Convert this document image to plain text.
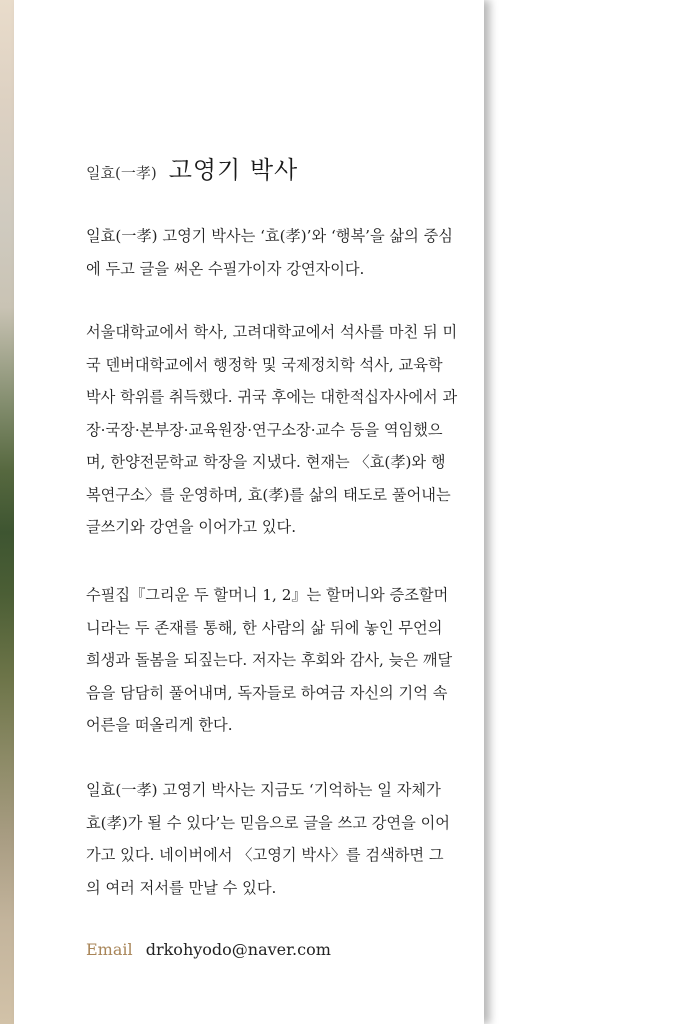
일효(一孝) 고영기 박사

일효(一孝) 고영기 박사는 ‘효(孝)’와 ‘행복’을 삶의 중심에 두고 글을 써온 수필가이자 강연자이다.

서울대학교에서 학사, 고려대학교에서 석사를 마친 뒤 미국 덴버대학교에서 행정학 및 국제정치학 석사, 교육학 박사 학위를 취득했다. 귀국 후에는 대한적십자사에서 과장·국장·본부장·교육원장·연구소장·교수 등을 역임했으며, 한양전문학교 학장을 지냈다. 현재는 〈효(孝)와 행복연구소〉를 운영하며, 효(孝)를 삶의 태도로 풀어내는 글쓰기와 강연을 이어가고 있다.

수필집『그리운 두 할머니 1, 2』는 할머니와 증조할머니라는 두 존재를 통해, 한 사람의 삶 뒤에 놓인 무언의 희생과 돌봄을 되짚는다. 저자는 후회와 감사, 늦은 깨달음을 담담히 풀어내며, 독자들로 하여금 자신의 기억 속 어른을 떠올리게 한다.

일효(一孝) 고영기 박사는 지금도 ‘기억하는 일 자체가 효(孝)가 될 수 있다’는 믿음으로 글을 쓰고 강연을 이어가고 있다. 네이버에서 〈고영기 박사〉를 검색하면 그의 여러 저서를 만날 수 있다.

Email drkohyodo@naver.com
